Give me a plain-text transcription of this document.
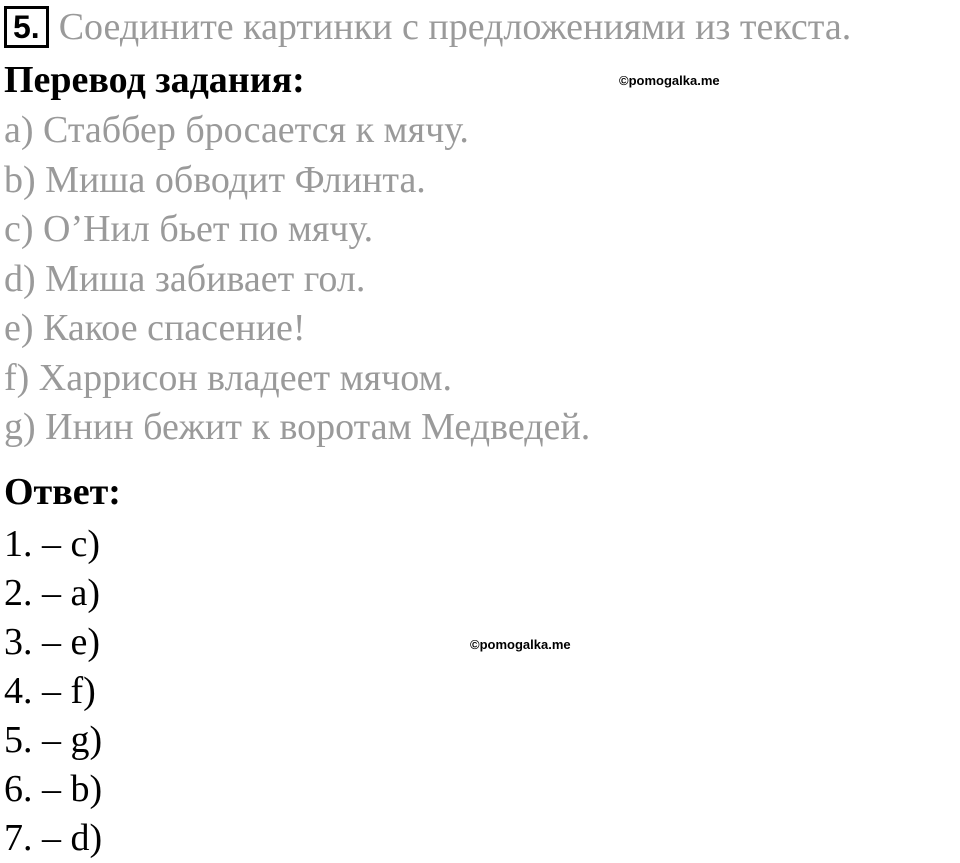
5. Соедините картинки с предложениями из текста.
Перевод задания:	©pomogalka.me
a) Стаббер бросается к мячу.
b) Миша обводит Флинта.
c) О’Нил бьет по мячу.
d) Миша забивает гол.
e) Какое спасение!
f) Харрисон владеет мячом.
g) Инин бежит к воротам Медведей.
Ответ:
©pomogalka.me
1. – c)
2. – a)
3. – e)
4. – f)
5. – g)
6. – b)
7. – d)
